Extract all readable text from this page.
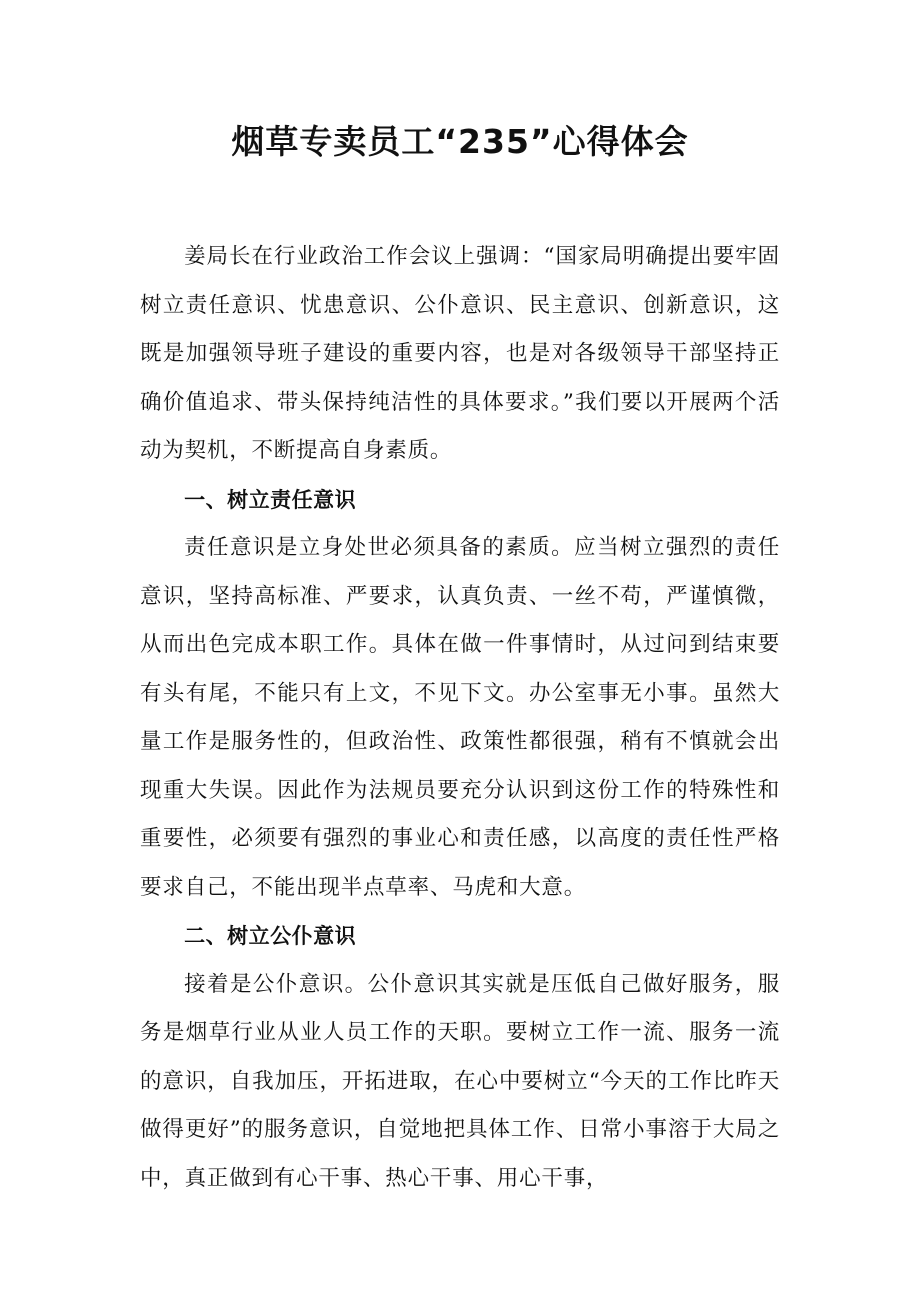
烟草专卖员工“235”心得体会

姜局长在行业政治工作会议上强调：“国家局明确提出要牢固树立责任意识、忧患意识、公仆意识、民主意识、创新意识，这既是加强领导班子建设的重要内容，也是对各级领导干部坚持正确价值追求、带头保持纯洁性的具体要求。”我们要以开展两个活动为契机，不断提高自身素质。

一、树立责任意识

责任意识是立身处世必须具备的素质。应当树立强烈的责任意识，坚持高标准、严要求，认真负责、一丝不苟，严谨慎微，从而出色完成本职工作。具体在做一件事情时，从过问到结束要有头有尾，不能只有上文，不见下文。办公室事无小事。虽然大量工作是服务性的，但政治性、政策性都很强，稍有不慎就会出现重大失误。因此作为法规员要充分认识到这份工作的特殊性和重要性，必须要有强烈的事业心和责任感，以高度的责任性严格要求自己，不能出现半点草率、马虎和大意。

二、树立公仆意识

接着是公仆意识。公仆意识其实就是压低自己做好服务，服务是烟草行业从业人员工作的天职。要树立工作一流、服务一流的意识，自我加压，开拓进取，在心中要树立“今天的工作比昨天做得更好”的服务意识，自觉地把具体工作、日常小事溶于大局之中，真正做到有心干事、热心干事、用心干事，
